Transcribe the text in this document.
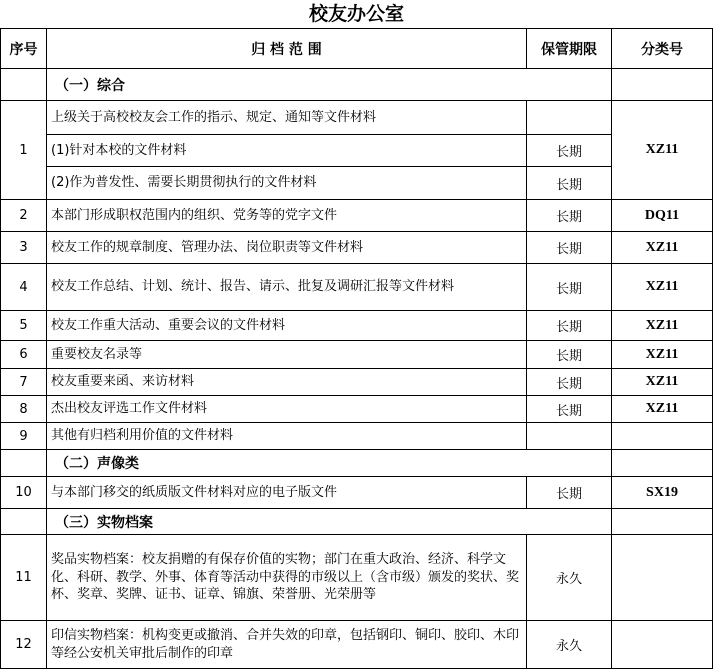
校友办公室
序号	归 档 范 围	保管期限	分类号
	（一）综合		
1	上级关于高校校友会工作的指示、规定、通知等文件材料		XZ11
	(1)针对本校的文件材料	长期	
	(2)作为普发性、需要长期贯彻执行的文件材料	长期	
2	本部门形成职权范围内的组织、党务等的党字文件	长期	DQ11
3	校友工作的规章制度、管理办法、岗位职责等文件材料	长期	XZ11
4	校友工作总结、计划、统计、报告、请示、批复及调研汇报等文件材料	长期	XZ11
5	校友工作重大活动、重要会议的文件材料	长期	XZ11
6	重要校友名录等	长期	XZ11
7	校友重要来函、来访材料	长期	XZ11
8	杰出校友评选工作文件材料	长期	XZ11
9	其他有归档利用价值的文件材料		
	（二）声像类		
10	与本部门移交的纸质版文件材料对应的电子版文件	长期	SX19
	（三）实物档案		
11	奖品实物档案：校友捐赠的有保存价值的实物；部门在重大政治、经济、科学文化、科研、教学、外事、体育等活动中获得的市级以上（含市级）颁发的奖状、奖杯、奖章、奖牌、证书、证章、锦旗、荣誉册、光荣册等	永久	
12	印信实物档案：机构变更或撤消、合并失效的印章，包括钢印、铜印、胶印、木印等经公安机关审批后制作的印章	永久	
